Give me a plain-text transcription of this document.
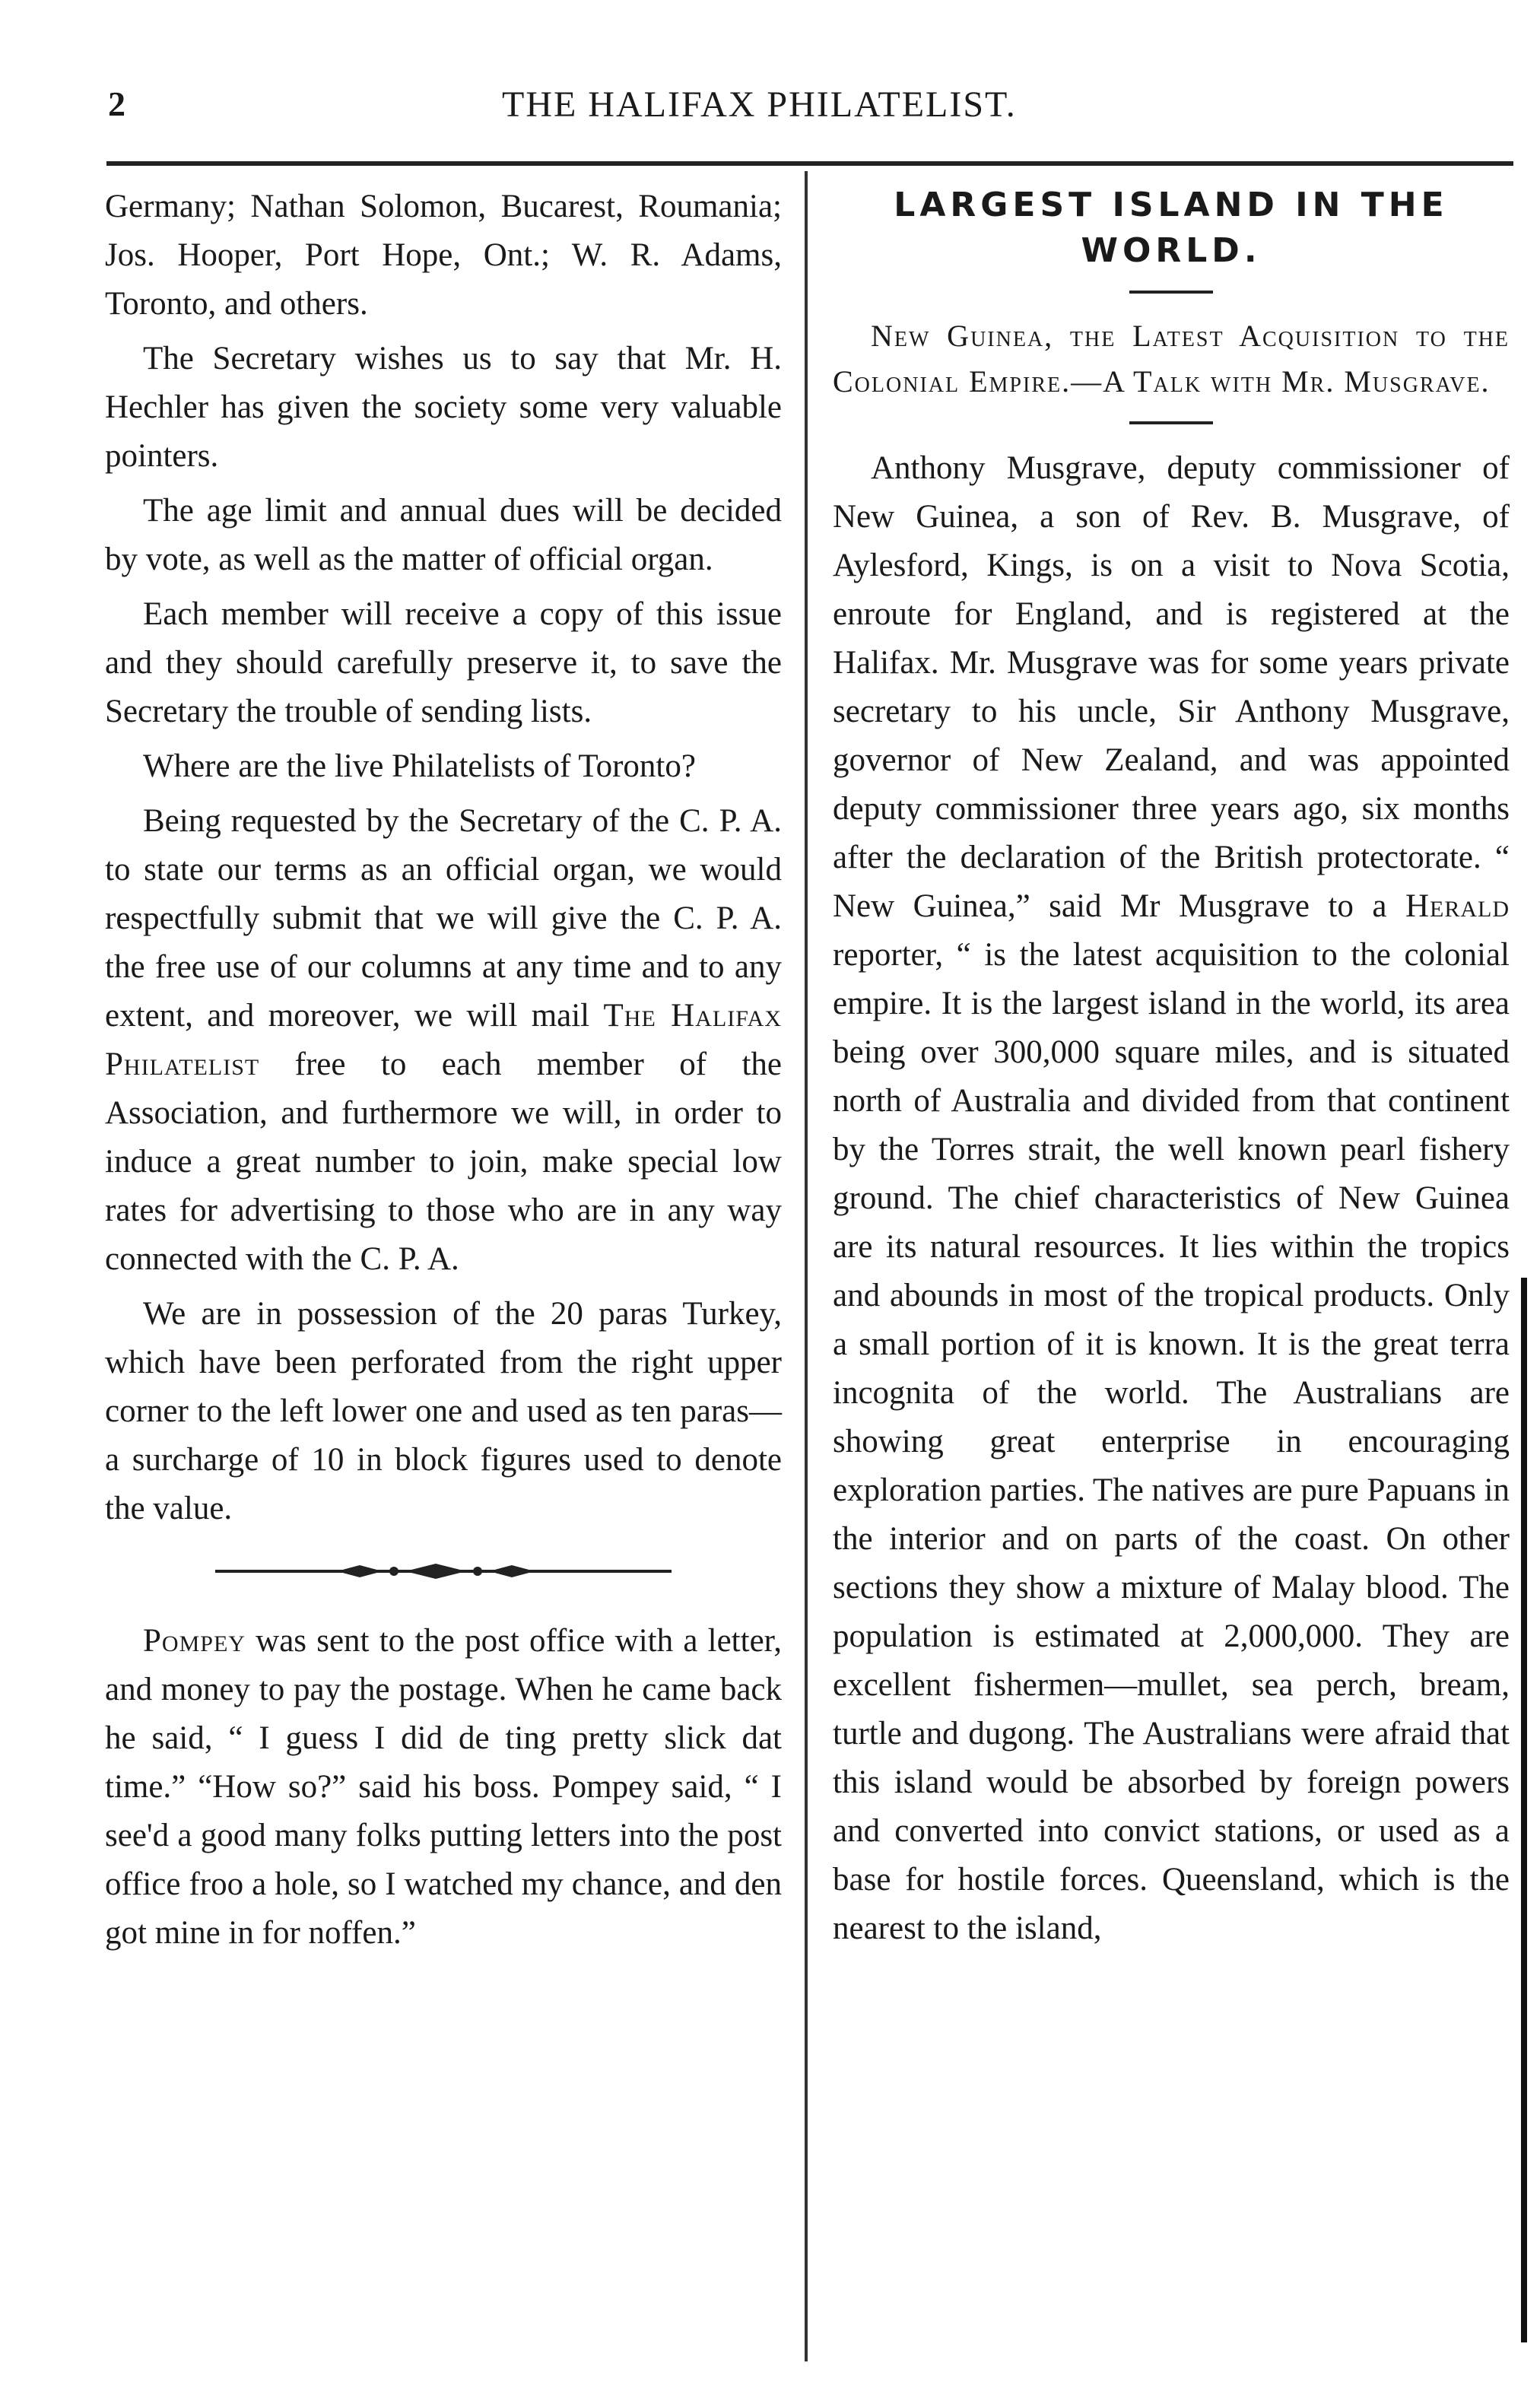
2	THE HALIFAX PHILATELIST.

Germany; Nathan Solomon, Bucarest, Roumania; Jos. Hooper, Port Hope, Ont.; W. R. Adams, Toronto, and others.

The Secretary wishes us to say that Mr. H. Hechler has given the society some very valuable pointers.

The age limit and annual dues will be decided by vote, as well as the matter of official organ.

Each member will receive a copy of this issue and they should carefully preserve it, to save the Secretary the trouble of sending lists.

Where are the live Philatelists of Toronto?

Being requested by the Secretary of the C. P. A. to state our terms as an official organ, we would respectfully submit that we will give the C. P. A. the free use of our columns at any time and to any extent, and moreover, we will mail The Halifax Philatelist free to each member of the Association, and furthermore we will, in order to induce a great number to join, make special low rates for advertising to those who are in any way connected with the C. P. A.

We are in possession of the 20 paras Turkey, which have been perforated from the right upper corner to the left lower one and used as ten paras—a surcharge of 10 in block figures used to denote the value.

Pompey was sent to the post office with a letter, and money to pay the postage. When he came back he said, “ I guess I did de ting pretty slick dat time.” “How so?” said his boss. Pompey said, “ I see'd a good many folks putting letters into the post office froo a hole, so I watched my chance, and den got mine in for noffen.”

LARGEST ISLAND IN THE WORLD.

New Guinea, the Latest Acquisition to the Colonial Empire.—A Talk with Mr. Musgrave.

Anthony Musgrave, deputy commissioner of New Guinea, a son of Rev. B. Musgrave, of Aylesford, Kings, is on a visit to Nova Scotia, enroute for England, and is registered at the Halifax. Mr. Musgrave was for some years private secretary to his uncle, Sir Anthony Musgrave, governor of New Zealand, and was appointed deputy commissioner three years ago, six months after the declaration of the British protectorate. “ New Guinea,” said Mr Musgrave to a Herald reporter, “ is the latest acquisition to the colonial empire. It is the largest island in the world, its area being over 300,000 square miles, and is situated north of Australia and divided from that continent by the Torres strait, the well known pearl fishery ground. The chief characteristics of New Guinea are its natural resources. It lies within the tropics and abounds in most of the tropical products. Only a small portion of it is known. It is the great terra incognita of the world. The Australians are showing great enterprise in encouraging exploration parties. The natives are pure Papuans in the interior and on parts of the coast. On other sections they show a mixture of Malay blood. The population is estimated at 2,000,000. They are excellent fishermen—mullet, sea perch, bream, turtle and dugong. The Australians were afraid that this island would be absorbed by foreign powers and converted into convict stations, or used as a base for hostile forces. Queensland, which is the nearest to the island,
